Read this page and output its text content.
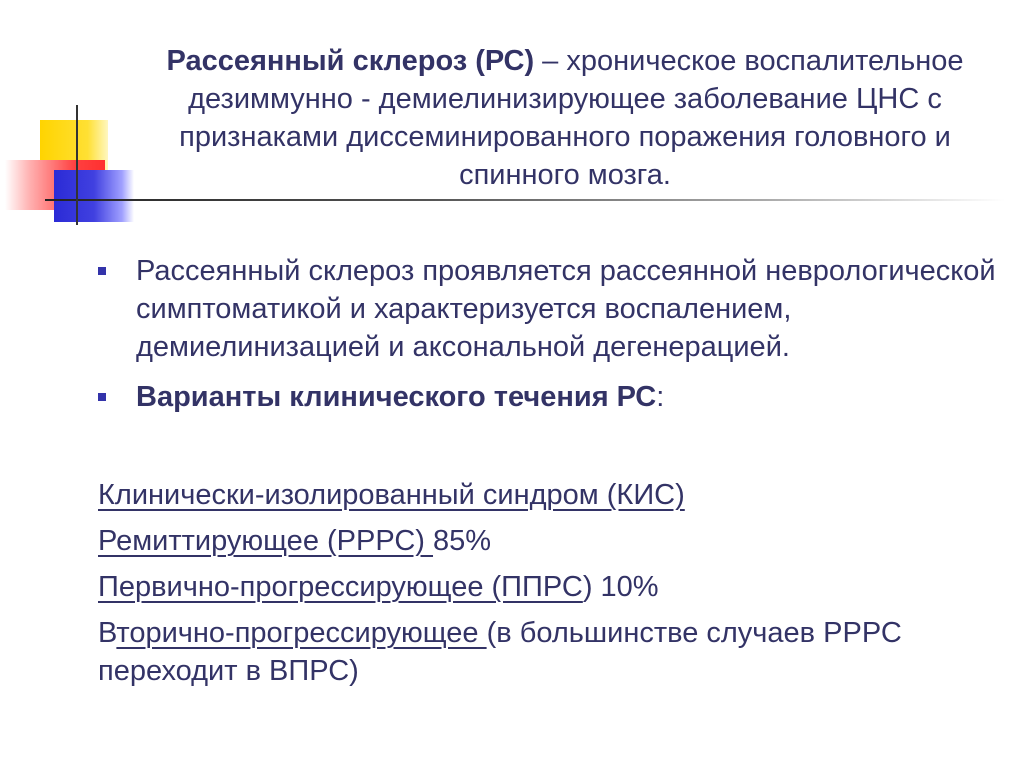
Рассеянный склероз (РС) – хроническое воспалительное дезиммунно - демиелинизирующее заболевание ЦНС с признаками диссеминированного поражения головного и спинного мозга.
Рассеянный склероз проявляется рассеянной неврологической симптоматикой и характеризуется воспалением, демиелинизацией и аксональной дегенерацией.
Варианты клинического течения РС:
Клинически-изолированный синдром (КИС)
Ремиттирующее (РРРС) 85%
Первично-прогрессирующее (ППРС) 10%
Вторично-прогрессирующее (в большинстве случаев РРРС переходит в ВПРС)
